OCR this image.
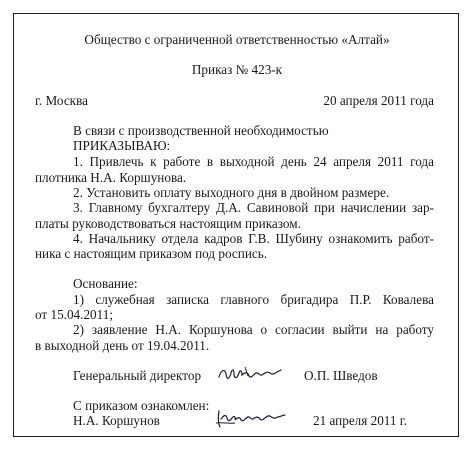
Общество с ограниченной ответственностью «Алтай»
Приказ № 423-к
г. Москва	20 апреля 2011 года
В связи с производственной необходимостью
ПРИКАЗЫВАЮ:
1. Привлечь к работе в выходной день 24 апреля 2011 года
плотника Н.А. Коршунова.
2. Установить оплату выходного дня в двойном размере.
3. Главному бухгалтеру Д.А. Савиновой при начислении зар-
платы руководствоваться настоящим приказом.
4. Начальнику отдела кадров Г.В. Шубину ознакомить работ-
ника с настоящим приказом под роспись.
Основание:
1) служебная записка главного бригадира П.Р. Ковалева
от 15.04.2011;
2) заявление Н.А. Коршунова о согласии выйти на работу
в выходной день от 19.04.2011.
Генеральный директор	О.П. Шведов
С приказом ознакомлен:
Н.А. Коршунов	21 апреля 2011 г.
